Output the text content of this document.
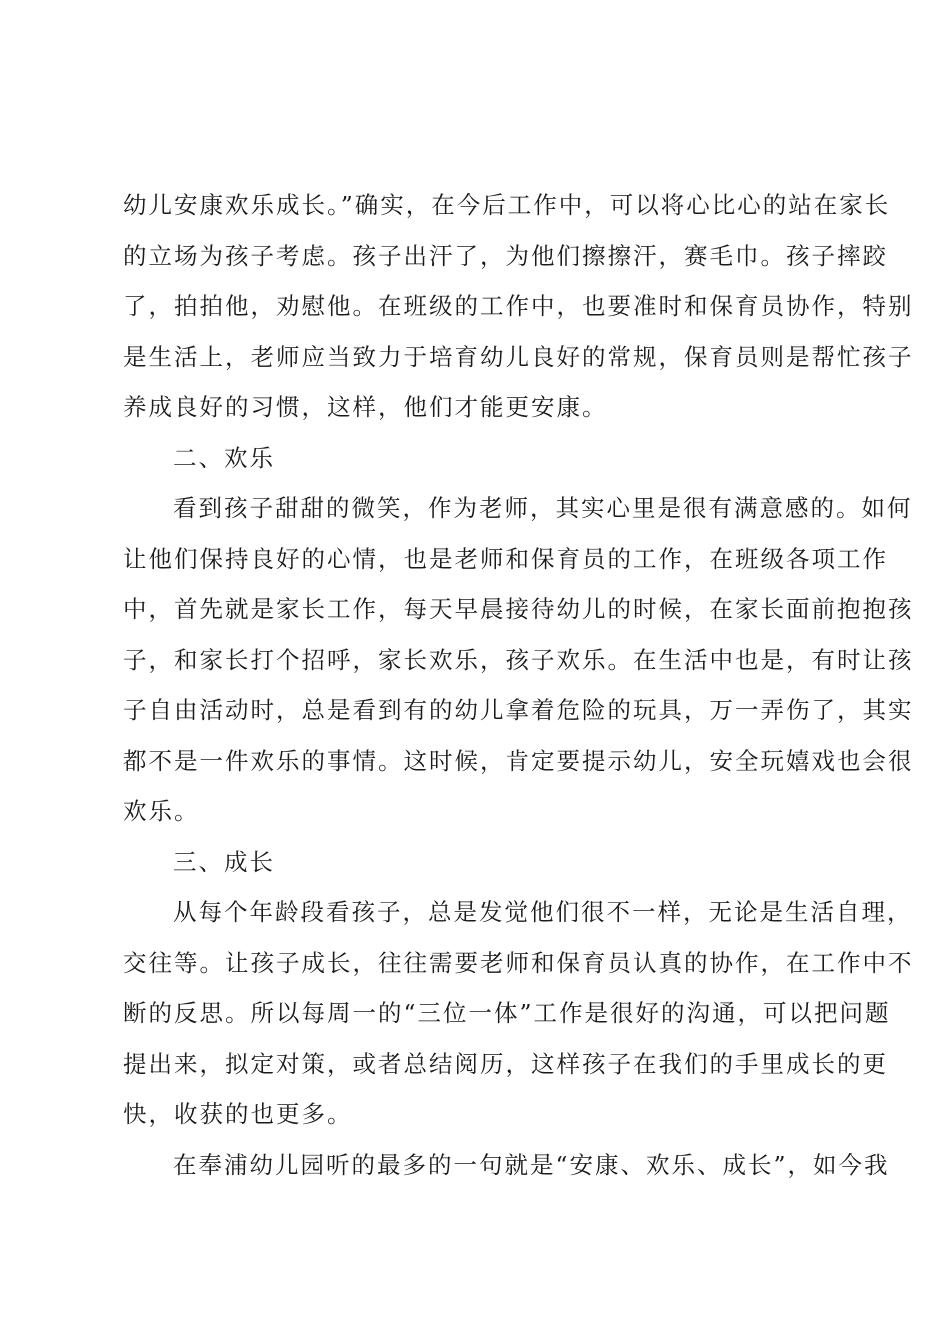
幼儿安康欢乐成长。”确实，在今后工作中，可以将心比心的站在家长
的立场为孩子考虑。孩子出汗了，为他们擦擦汗，赛毛巾。孩子摔跤
了，拍拍他，劝慰他。在班级的工作中，也要准时和保育员协作，特别
是生活上，老师应当致力于培育幼儿良好的常规，保育员则是帮忙孩子
养成良好的习惯，这样，他们才能更安康。
二、欢乐
看到孩子甜甜的微笑，作为老师，其实心里是很有满意感的。如何
让他们保持良好的心情，也是老师和保育员的工作，在班级各项工作
中，首先就是家长工作，每天早晨接待幼儿的时候，在家长面前抱抱孩
子，和家长打个招呼，家长欢乐，孩子欢乐。在生活中也是，有时让孩
子自由活动时，总是看到有的幼儿拿着危险的玩具，万一弄伤了，其实
都不是一件欢乐的事情。这时候，肯定要提示幼儿，安全玩嬉戏也会很
欢乐。
三、成长
从每个年龄段看孩子，总是发觉他们很不一样，无论是生活自理，
交往等。让孩子成长，往往需要老师和保育员认真的协作，在工作中不
断的反思。所以每周一的“三位一体”工作是很好的沟通，可以把问题
提出来，拟定对策，或者总结阅历，这样孩子在我们的手里成长的更
快，收获的也更多。
在奉浦幼儿园听的最多的一句就是“安康、欢乐、成长”，如今我
